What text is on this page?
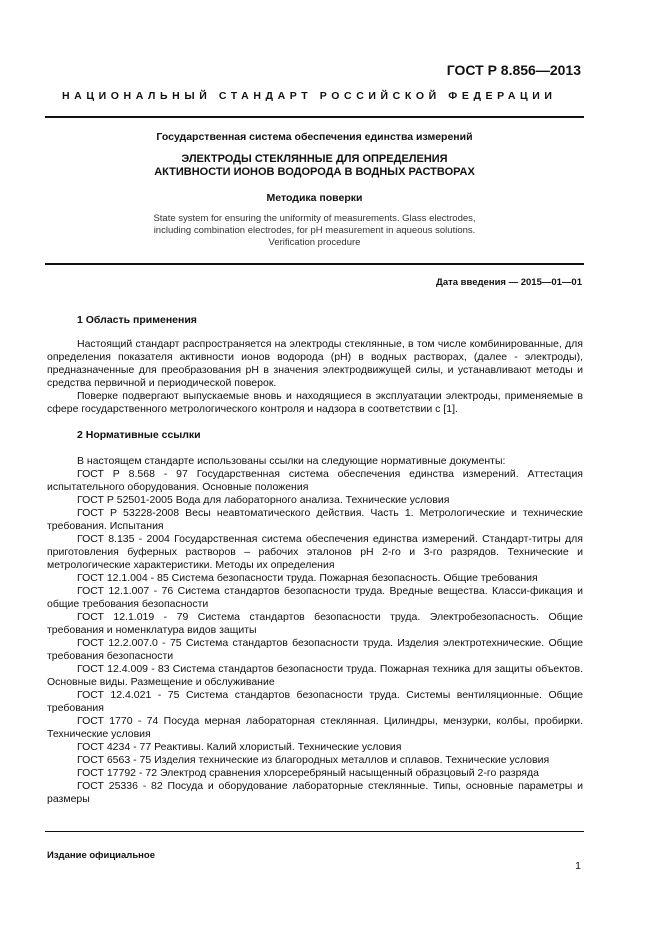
ГОСТ Р 8.856—2013
НАЦИОНАЛЬНЫЙ СТАНДАРТ РОССИЙСКОЙ ФЕДЕРАЦИИ
Государственная система обеспечения единства измерений
ЭЛЕКТРОДЫ СТЕКЛЯННЫЕ ДЛЯ ОПРЕДЕЛЕНИЯ
АКТИВНОСТИ ИОНОВ ВОДОРОДА В ВОДНЫХ РАСТВОРАХ
Методика поверки
State system for ensuring the uniformity of measurements. Glass electrodes,
including combination electrodes, for pH measurement in aqueous solutions.
Verification procedure
Дата введения — 2015—01—01
1 Область применения

Настоящий стандарт распространяется на электроды стеклянные, в том числе комбинированные, для определения показателя активности ионов водорода (pH) в водных растворах, (далее - электроды), предназначенные для преобразования pH в значения электродвижущей силы, и устанавливают методы и средства первичной и периодической поверок.

Поверке подвергают выпускаемые вновь и находящиеся в эксплуатации электроды, применяемые в сфере государственного метрологического контроля и надзора в соответствии с [1].

2 Нормативные ссылки

В настоящем стандарте использованы ссылки на следующие нормативные документы:

ГОСТ Р 8.568 - 97 Государственная система обеспечения единства измерений. Аттестация испытательного оборудования. Основные положения

ГОСТ Р 52501-2005 Вода для лабораторного анализа. Технические условия

ГОСТ Р 53228-2008 Весы неавтоматического действия. Часть 1. Метрологические и технические требования. Испытания

ГОСТ 8.135 - 2004 Государственная система обеспечения единства измерений. Стандарт-титры для приготовления буферных растворов – рабочих эталонов pH 2-го и 3-го разрядов. Технические и метрологические характеристики. Методы их определения

ГОСТ 12.1.004 - 85 Система безопасности труда. Пожарная безопасность. Общие требования

ГОСТ 12.1.007 - 76 Система стандартов безопасности труда. Вредные вещества. Класси-фикация и общие требования безопасности

ГОСТ 12.1.019 - 79 Система стандартов безопасности труда. Электробезопасность. Общие требования и номенклатура видов защиты

ГОСТ 12.2.007.0 - 75 Система стандартов безопасности труда. Изделия электротехнические. Общие требования безопасности

ГОСТ 12.4.009 - 83 Система стандартов безопасности труда. Пожарная техника для защиты объектов. Основные виды. Размещение и обслуживание

ГОСТ 12.4.021 - 75 Система стандартов безопасности труда. Системы вентиляционные. Общие требования

ГОСТ 1770 - 74 Посуда мерная лабораторная стеклянная. Цилиндры, мензурки, колбы, пробирки. Технические условия

ГОСТ 4234 - 77 Реактивы. Калий хлористый. Технические условия

ГОСТ 6563 - 75 Изделия технические из благородных металлов и сплавов. Технические условия

ГОСТ 17792 - 72 Электрод сравнения хлорсеребряный насыщенный образцовый 2-го разряда

ГОСТ 25336 - 82 Посуда и оборудование лабораторные стеклянные. Типы, основные параметры и размеры

Издание официальное
1
